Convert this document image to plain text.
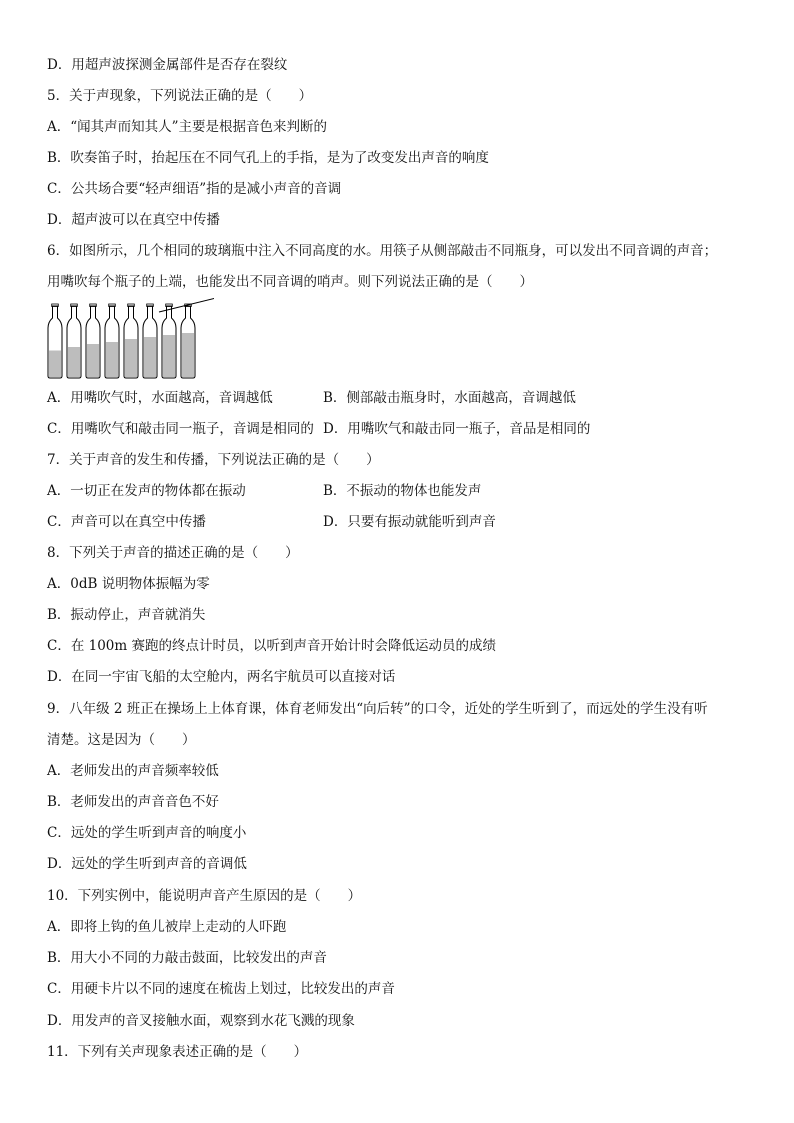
D．用超声波探测金属部件是否存在裂纹
5．关于声现象，下列说法正确的是（　　）
A．“闻其声而知其人”主要是根据音色来判断的
B．吹奏笛子时，抬起压在不同气孔上的手指，是为了改变发出声音的响度
C．公共场合要“轻声细语”指的是减小声音的音调
D．超声波可以在真空中传播
6．如图所示，几个相同的玻璃瓶中注入不同高度的水。用筷子从侧部敲击不同瓶身，可以发出不同音调的声音；
用嘴吹每个瓶子的上端，也能发出不同音调的哨声。则下列说法正确的是（　　）
A．用嘴吹气时，水面越高，音调越低	B．侧部敲击瓶身时，水面越高，音调越低
C．用嘴吹气和敲击同一瓶子，音调是相同的 D．用嘴吹气和敲击同一瓶子，音品是相同的
7．关于声音的发生和传播，下列说法正确的是（　　）
A．一切正在发声的物体都在振动	B．不振动的物体也能发声
C．声音可以在真空中传播	D．只要有振动就能听到声音
8．下列关于声音的描述正确的是（　　）
A．0dB 说明物体振幅为零
B．振动停止，声音就消失
C．在 100m 赛跑的终点计时员，以听到声音开始计时会降低运动员的成绩
D．在同一宇宙飞船的太空舱内，两名宇航员可以直接对话
9．八年级 2 班正在操场上上体育课，体育老师发出“向后转”的口令，近处的学生听到了，而远处的学生没有听
清楚。这是因为（　　）
A．老师发出的声音频率较低
B．老师发出的声音音色不好
C．远处的学生听到声音的响度小
D．远处的学生听到声音的音调低
10．下列实例中，能说明声音产生原因的是（　　）
A．即将上钩的鱼儿被岸上走动的人吓跑
B．用大小不同的力敲击鼓面，比较发出的声音
C．用硬卡片以不同的速度在梳齿上划过，比较发出的声音
D．用发声的音叉接触水面，观察到水花飞溅的现象
11．下列有关声现象表述正确的是（　　）
